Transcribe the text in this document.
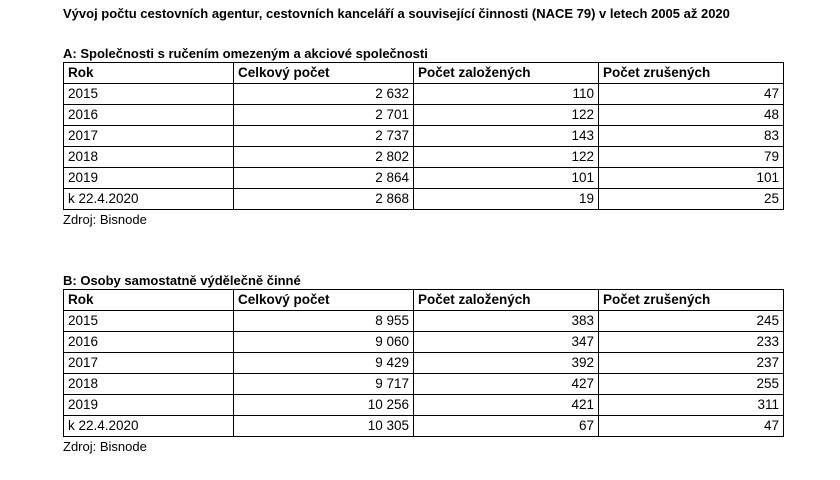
Vývoj počtu cestovních agentur, cestovních kanceláří a související činnosti (NACE 79) v letech 2005 až 2020
A: Společnosti s ručením omezeným a akciové společnosti
Rok	Celkový počet	Počet založených	Počet zrušených
2015	2 632	110	47
2016	2 701	122	48
2017	2 737	143	83
2018	2 802	122	79
2019	2 864	101	101
k 22.4.2020	2 868	19	25
Zdroj: Bisnode
B: Osoby samostatně výdělečně činné
Rok	Celkový počet	Počet založených	Počet zrušených
2015	8 955	383	245
2016	9 060	347	233
2017	9 429	392	237
2018	9 717	427	255
2019	10 256	421	311
k 22.4.2020	10 305	67	47
Zdroj: Bisnode
